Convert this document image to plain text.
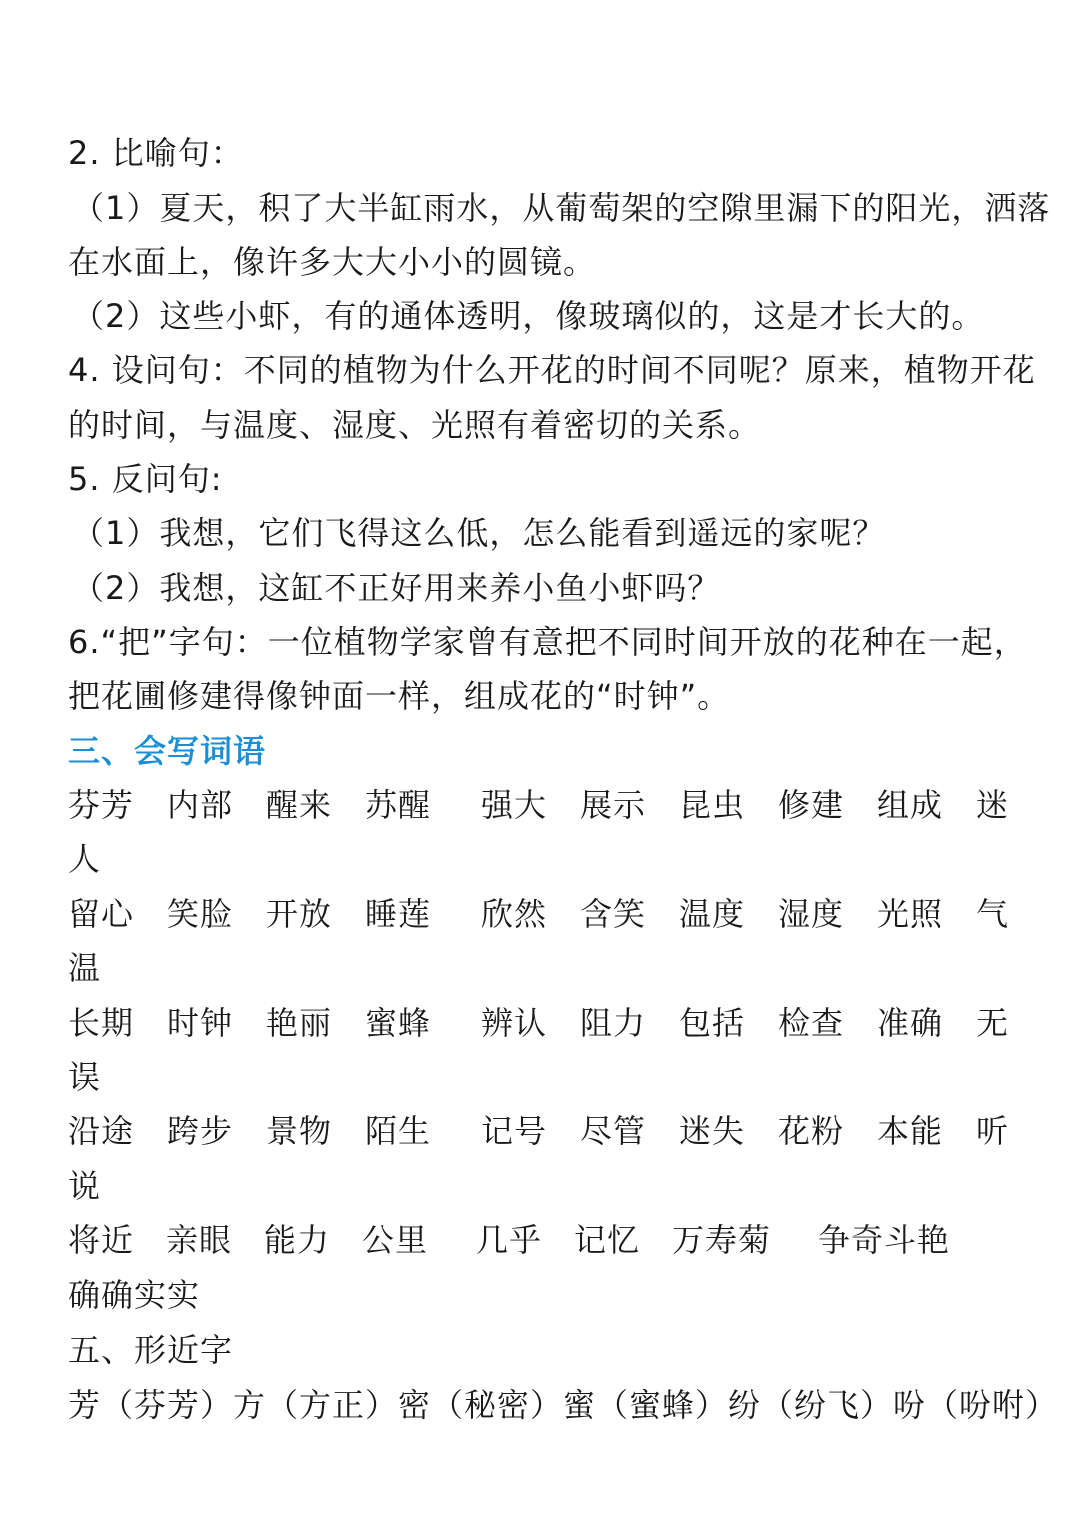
2. 比喻句：
（1）夏天，积了大半缸雨水，从葡萄架的空隙里漏下的阳光，洒落
在水面上，像许多大大小小的圆镜。
（2）这些小虾，有的通体透明，像玻璃似的，这是才长大的。
4. 设问句：不同的植物为什么开花的时间不同呢？原来，植物开花
的时间，与温度、湿度、光照有着密切的关系。
5. 反问句:
（1）我想，它们飞得这么低，怎么能看到遥远的家呢？
（2）我想，这缸不正好用来养小鱼小虾吗？
6.“把”字句：一位植物学家曾有意把不同时间开放的花种在一起，
把花圃修建得像钟面一样，组成花的“时钟”。
三、会写词语
芬芳	内部	醒来	苏醒	强大	展示	昆虫	修建	组成	迷
人
留心	笑脸	开放	睡莲	欣然	含笑	温度	湿度	光照	气
温
长期	时钟	艳丽	蜜蜂	辨认	阻力	包括	检查	准确	无
误
沿途	跨步	景物	陌生	记号	尽管	迷失	花粉	本能	听
说
将近 亲眼 能力 公里	几乎 记忆 万寿菊	争奇斗艳
确确实实
五、形近字
芳（芬芳）方（方正）密（秘密）蜜（蜜蜂）纷（纷飞）吩（吩咐）
